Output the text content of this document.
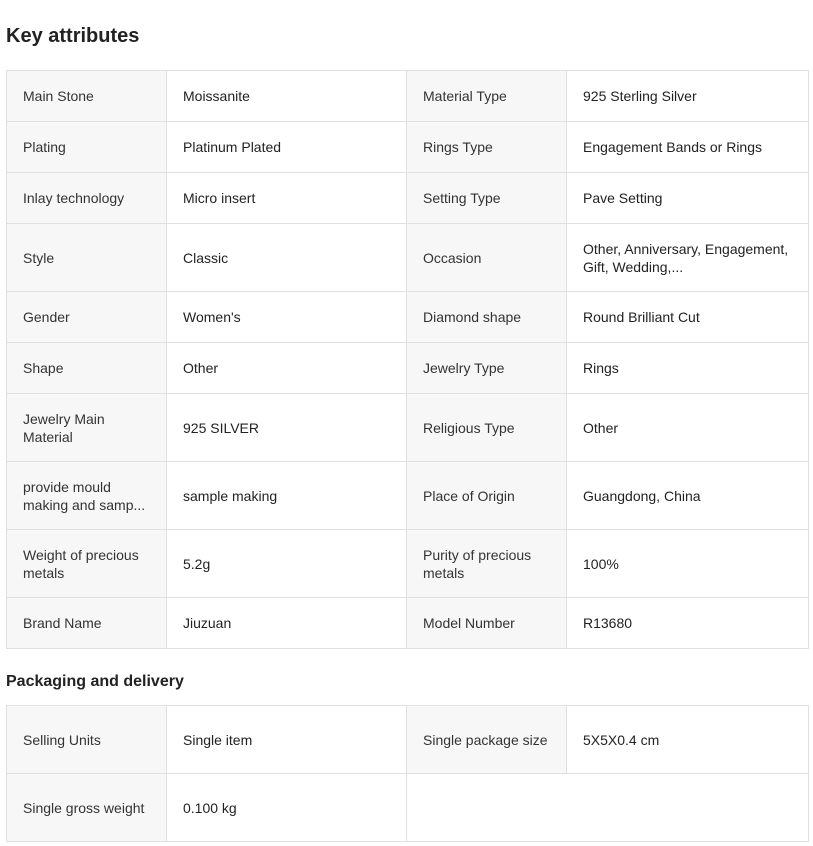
Key attributes
Main Stone	Moissanite	Material Type	925 Sterling Silver

Plating	Platinum Plated	Rings Type	Engagement Bands or Rings

Inlay technology	Micro insert	Setting Type	Pave Setting

Style	Classic	Occasion	Other, Anniversary, Engagement, Gift, Wedding,...

Gender	Women's	Diamond shape	Round Brilliant Cut

Shape	Other	Jewelry Type	Rings

Jewelry Main Material	925 SILVER	Religious Type	Other

provide mould making and samp...	sample making	Place of Origin	Guangdong, China

Weight of precious metals	5.2g	Purity of precious metals	100%

Brand Name	Jiuzuan	Model Number	R13680
Packaging and delivery
Selling Units	Single item	Single package size	5X5X0.4 cm

Single gross weight	0.100 kg		
